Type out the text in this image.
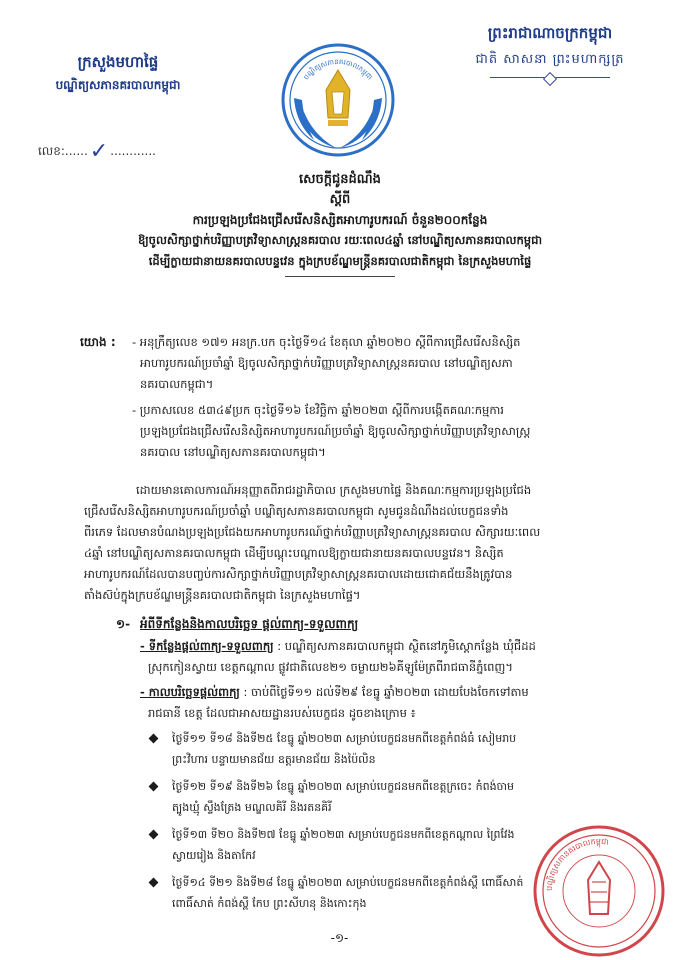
ក្រសួងមហាផ្ទៃ
បណ្ឌិត្យសភានគរបាលកម្ពុជា
លេខ:......✓ ............
បណ្ឌិត្យសភានគរបាលកម្ពុជា
ព្រះរាជាណាចក្រកម្ពុជា
ជាតិ សាសនា ព្រះមហាក្សត្រ
សេចក្តីជូនដំណឹង
ស្តីពី
ការប្រឡងប្រជែងជ្រើសរើសនិស្សិតអាហារូបករណ៍ ចំនួន២០០កន្លែង
ឱ្យចូលសិក្សាថ្នាក់បរិញ្ញាបត្រវិទ្យាសាស្ត្រនគរបាល រយៈពេល៤ឆ្នាំ នៅបណ្ឌិត្យសភានគរបាលកម្ពុជា
ដើម្បីក្លាយជានាយនគរបាលបន្ទវេន ក្នុងក្របខ័ណ្ឌមន្ត្រីនគរបាលជាតិកម្ពុជា នៃក្រសួងមហាផ្ទៃ
យោង : - អនុក្រឹត្យលេខ ១៧១ អនក្រ.បក ចុះថ្ងៃទី១៤ ខែតុលា ឆ្នាំ២០២០ ស្តីពីការជ្រើសរើសនិស្សិត
អាហារូបករណ៍ប្រចាំឆ្នាំ ឱ្យចូលសិក្សាថ្នាក់បរិញ្ញាបត្រវិទ្យាសាស្ត្រនគរបាល នៅបណ្ឌិត្យសភា
នគរបាលកម្ពុជា។
- ប្រកាសលេខ ៥៣៤៩ប្រក ចុះថ្ងៃទី១៦ ខែវិច្ឆិកា ឆ្នាំ២០២៣ ស្តីពីការបង្កើតគណៈកម្មការ
ប្រឡងប្រជែងជ្រើសរើសនិស្សិតអាហារូបករណ៍ប្រចាំឆ្នាំ ឱ្យចូលសិក្សាថ្នាក់បរិញ្ញាបត្រវិទ្យាសាស្ត្រ
នគរបាល នៅបណ្ឌិត្យសភានគរបាលកម្ពុជា។
ដោយមានគោលការណ៍អនុញ្ញាតពីរាជរដ្ឋាភិបាល ក្រសួងមហាផ្ទៃ និងគណៈកម្មការប្រឡងប្រជែង
ជ្រើសរើសនិស្សិតអាហារូបករណ៍ប្រចាំឆ្នាំ បណ្ឌិត្យសភានគរបាលកម្ពុជា សូមជូនដំណឹងដល់បេក្ខជនទាំង
ពីរភេទ ដែលមានបំណងប្រឡងប្រជែងយកអាហារូបករណ៍ថ្នាក់បរិញ្ញាបត្រវិទ្យាសាស្ត្រនគរបាល សិក្សារយៈពេល
៤ឆ្នាំ នៅបណ្ឌិត្យសភានគរបាលកម្ពុជា ដើម្បីបណ្តុះបណ្តាលឱ្យក្លាយជានាយនគរបាលបន្ទវេន។ និស្សិត
អាហារូបករណ៍ដែលបានបញ្ចប់ការសិក្សាថ្នាក់បរិញ្ញាបត្រវិទ្យាសាស្ត្រនគរបាលដោយជោគជ័យនឹងត្រូវបាន
តាំងស៊ប់ក្នុងក្របខ័ណ្ឌមន្ត្រីនគរបាលជាតិកម្ពុជា នៃក្រសួងមហាផ្ទៃ។
១- អំពីទីកន្លែងនិងកាលបរិច្ឆេទ ផ្តល់ពាក្យ-ទទួលពាក្យ
- ទីកន្លែងផ្តល់ពាក្យ-ទទួលពាក្យ : បណ្ឌិត្យសភានគរបាលកម្ពុជា ស្ថិតនៅភូមិស្តោកន្លែង ឃុំជីដដ
ស្រុកកៀនស្វាយ ខេត្តកណ្តាល ផ្លូវជាតិលេខ២១ ចម្ងាយ២៦គីឡូម៉ែត្រពីរាជធានីភ្នំពេញ។
- កាលបរិច្ឆេទផ្តល់ពាក្យ : ចាប់ពីថ្ងៃទី១១ ដល់ទី២៩ ខែធ្នូ ឆ្នាំ២០២៣ ដោយបែងចែកទៅតាម
រាជធានី ខេត្ត ដែលជាអាសយដ្ឋានរបស់បេក្ខជន ដូចខាងក្រោម ៖
ថ្ងៃទី១១ ទី១៨ និងទី២៥ ខែធ្នូ ឆ្នាំ២០២៣ សម្រាប់បេក្ខជនមកពីខេត្តកំពង់ធំ សៀមរាប
ព្រះវិហារ បន្ទាយមានជ័យ ឧត្តរមានជ័យ និងប៉ៃលិន
ថ្ងៃទី១២ ទី១៩ និងទី២៦ ខែធ្នូ ឆ្នាំ២០២៣ សម្រាប់បេក្ខជនមកពីខេត្តក្រចេះ កំពង់ចាម
ត្បូងឃ្មុំ ស្ទឹងត្រែង មណ្ឌលគិរី និងរតនគិរី
ថ្ងៃទី១៣ ទី២០ និងទី២៧ ខែធ្នូ ឆ្នាំ២០២៣ សម្រាប់បេក្ខជនមកពីខេត្តកណ្តាល ព្រៃវែង
ស្វាយរៀង និងតាកែវ
ថ្ងៃទី១៤ ទី២១ និងទី២៨ ខែធ្នូ ឆ្នាំ២០២៣ សម្រាប់បេក្ខជនមកពីខេត្តកំពង់ស្ពឺ ពោធិ៍សាត់
ពោធិ៍សាត់ កំពង់ស្ពឺ កែប ព្រះសីហនុ និងកោះកុង
បណ្ឌិត្យសភានគរបាលកម្ពុជា
-១-
